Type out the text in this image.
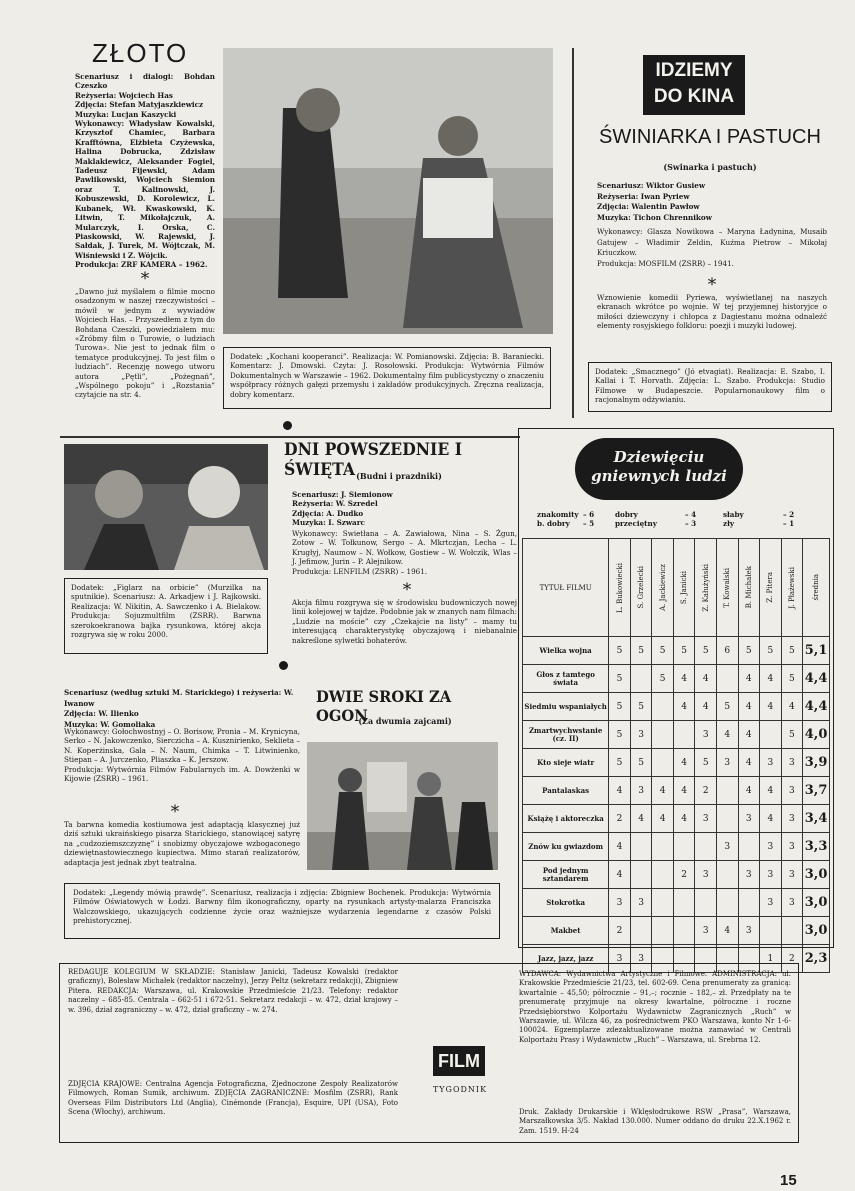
ZŁOTO
Scenariusz i dialogi: Bohdan Czeszko
Reżyseria: Wojciech Has
Zdjęcia: Stefan Matyjaszkiewicz
Muzyka: Lucjan Kaszycki
Wykonawcy: Władysław Kowalski, Krzysztof Chamiec, Barbara Krafftówna, Elżbieta Czyżewska, Halina Dobrucka, Zdzisław Maklakiewicz, Aleksander Fogiel, Tadeusz Fijewski, Adam Pawlikowski, Wojciech Siemion oraz T. Kalinowski, J. Kobuszewski, D. Korolewicz, L. Kubanek, Wł. Kwaskowski, K. Litwin, T. Mikołajczuk, A. Mularczyk, I. Orska, C. Piaskowski, W. Rajewski, J. Sałdak, J. Turek, M. Wójtczak, M. Wiśniewski i Z. Wójcik.
Produkcja: ZRF KAMERA – 1962.
*
„Dawno już myślałem o filmie mocno osadzonym w naszej rzeczywistości – mówił w jednym z wywiadów Wojciech Has. – Przyszedłem z tym do Bohdana Czeszki, powiedziałem mu: «Zróbmy film o Turowie, o ludziach Turowa». Nie jest to jednak film o tematyce produkcyjnej. To jest film o ludziach”. Recenzję nowego utworu autora „Pętli”, „Pożegnań”, „Wspólnego pokoju” i „Rozstania” czytajcie na str. 4.
Dodatek: „Kochani kooperanci”. Realizacja: W. Pomianowski. Zdjęcia: B. Baraniecki. Komentarz: J. Dmowski. Czyta: J. Rosołowski. Produkcja: Wytwórnia Filmów Dokumentalnych w Warszawie – 1962. Dokumentalny film publicystyczny o znaczeniu współpracy różnych gałęzi przemysłu i zakładów produkcyjnych. Zręczna realizacja, dobry komentarz.
IDZIEMY
DO KINA
ŚWINIARKA I PASTUCH
(Swinarka i pastuch)
Scenariusz: Wiktor Gusiew
Reżyseria: Iwan Pyriew
Zdjęcia: Walentin Pawłow
Muzyka: Tichon Chrennikow
Wykonawcy: Glasza Nowikowa – Maryna Ładynina, Musaib Gatujew – Władimir Zeldin, Kuźma Pietrow – Mikołaj Kriuczkow.
Produkcja: MOSFILM (ZSRR) – 1941.
*
Wznowienie komedii Pyriewa, wyświetlanej na naszych ekranach wkrótce po wojnie. W tej przyjemnej historyjce o miłości dziewczyny i chłopca z Dagiestanu można odnaleźć elementy rosyjskiego folkloru: poezji i muzyki ludowej.
Dodatek: „Smacznego” (Jó etvagiat). Realizacja: E. Szabo, I. Kallai i T. Horvath. Zdjęcia: L. Szabo. Produkcja: Studio Filmowe w Budapeszcie. Popularnonaukowy film o racjonalnym odżywianiu.
Dodatek: „Figlarz na orbicie” (Murzilka na sputnikie). Scenariusz: A. Arkadjew i J. Rajkowski. Realizacja: W. Nikitin, A. Sawczenko i A. Bielakow. Produkcja: Sojuzmultfilm (ZSRR). Barwna szerokoekranowa bajka rysunkowa, której akcja rozgrywa się w roku 2000.
DNI POWSZEDNIE I ŚWIĘTA (Budni i prazdniki)
Scenariusz: J. Siemionow
Reżyseria: W. Szredel
Zdjęcia: A. Dudko
Muzyka: I. Szwarc
Wykonawcy: Swietłana – A. Zawiałowa, Nina – S. Żgun, Zotow – W. Tołkunow, Sergo – A. Mkrtczjan, Lecha – L. Krugłyj, Naumow – N. Wołkow, Gostiew – W. Wołczik, Wlas – J. Jefimow, Jurin – P. Alejnikow.
Produkcja: LENFILM (ZSRR) – 1961.
*
Akcja filmu rozgrywa się w środowisku budowniczych nowej linii kolejowej w tajdze. Podobnie jak w znanych nam filmach: „Ludzie na moście” czy „Czekajcie na listy” – mamy tu interesującą charakterystykę obyczajową i niebanalnie nakreślone sylwetki bohaterów.
Scenariusz (według sztuki M. Starickiego) i reżyseria: W. Iwanow
Zdjęcia: W. Ilienko
Muzyka: W. Gomoliaka
Wykonawcy: Gołochwostnyj – O. Borisow, Pronia – M. Krynicyna, Serko – N. Jakowczenko, Sierczicha – A. Kusznirienko, Seklieta – N. Koperżinska, Gala – N. Naum, Chimka – T. Litwinienko, Stiepan – A. Jurczenko, Pliaszka – K. Jerszow.
Produkcja: Wytwórnia Filmów Fabularnych im. A. Dowżenki w Kijowie (ZSRR) – 1961.
*
Ta barwna komedia kostiumowa jest adaptacją klasycznej już dziś sztuki ukraińskiego pisarza Starickiego, stanowiącej satyrę na „cudzoziemszczyznę” i snobizmy obyczajowe wzbogaconego dziewiętnastowiecznego kupiectwa. Mimo starań realizatorów, adaptacja jest jednak zbyt teatralna.
DWIE SROKI ZA OGON
(Za dwumia zajcami)
Dodatek: „Legendy mówią prawdę”. Scenariusz, realizacja i zdjęcia: Zbigniew Bochenek. Produkcja: Wytwórnia Filmów Oświatowych w Łodzi. Barwny film ikonograficzny, oparty na rysunkach artysty-malarza Franciszka Walczowskiego, ukazujących codzienne życie oraz ważniejsze wydarzenia legendarne z czasów Polski prehistorycznej.
Dziewięciu
gniewnych ludzi
znakomity – 6	dobry	– 4	słaby	– 2
b. dobry	– 5	przeciętny	– 3	zły	– 1
TYTUŁ FILMU	L. Bukowiecki	S. Grzelecki	A. Jackiewicz	S. Janicki	Z. Kałużyński	T. Kowalski	B. Michałek	Z. Pitera	J. Płażewski	średnia

Wielka wojna	5	5	5	5	5	6	5	5	5	5,1
Głos z tamtego świata	5		5	4	4		4	4	5	4,4
Siedmiu wspaniałych	5	5		4	4	5	4	4	4	4,4
Zmartwychwstanie (cz. II)	5	3			3	4	4		5	4,0
Kto sieje wiatr	5	5		4	5	3	4	3	3	3,9
Pantalaskas	4	3	4	4	2		4	4	3	3,7
Książę i aktoreczka	2	4	4	4	3		3	4	3	3,4
Znów ku gwiazdom	4					3		3	3	3,3
Pod jednym sztandarem	4			2	3		3	3	3	3,0
Stokrotka	3	3						3	3	3,0
Makbet	2				3	4	3			3,0
Jazz, jazz, jazz	3	3						1	2	2,3
REDAGUJE KOLEGIUM W SKŁADZIE: Stanisław Janicki, Tadeusz Kowalski (redaktor graficzny), Bolesław Michałek (redaktor naczelny), Jerzy Peltz (sekretarz redakcji), Zbigniew Pitera. REDAKCJA: Warszawa, ul. Krakowskie Przedmieście 21/23. Telefony: redaktor naczelny – 685-85. Centrala – 662-51 i 672-51. Sekretarz redakcji – w. 472, dział krajowy – w. 396, dział zagraniczny – w. 472, dział graficzny – w. 274.
ZDJĘCIA KRAJOWE: Centralna Agencja Fotograficzna, Zjednoczone Zespoły Realizatorów Filmowych, Roman Sumik, archiwum. ZDJĘCIA ZAGRANICZNE: Mosfilm (ZSRR), Rank Overseas Film Distributors Ltd (Anglia), Cinémonde (Francja), Esquire, UPI (USA), Foto Scena (Włochy), archiwum.
FILM
TYGODNIK
WYDAWCA: Wydawnictwa Artystyczne i Filmowe. ADMINISTRACJA: ul. Krakowskie Przedmieście 21/23, tel. 602-69. Cena prenumeraty za granicą: kwartalnie – 45,50; półrocznie – 91,–; rocznie – 182,– zł. Przedpłaty na te prenumeratę przyjmuje na okresy kwartalne, półroczne i roczne Przedsiębiorstwo Kolportażu Wydawnictw Zagranicznych „Ruch” w Warszawie, ul. Wilcza 46, za pośrednictwem PKO Warszawa, konto Nr 1-6-100024. Egzemplarze zdezaktualizowane można zamawiać w Centrali Kolportażu Prasy i Wydawnictw „Ruch” – Warszawa, ul. Srebrna 12.
Druk. Zakłady Drukarskie i Wklęsłodrukowe RSW „Prasa”, Warszawa, Marszałkowska 3/5. Nakład 130.000. Numer oddano do druku 22.X.1962 r. Zam. 1519. H-24
15
